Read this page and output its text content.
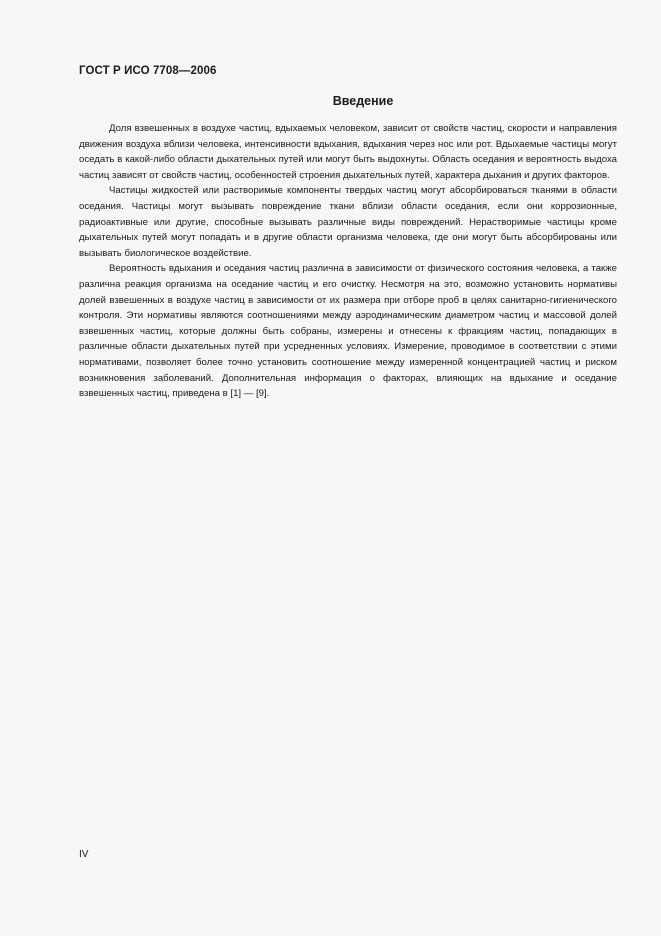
ГОСТ Р ИСО 7708—2006
Введение

Доля взвешенных в воздухе частиц, вдыхаемых человеком, зависит от свойств частиц, скорости и направления движения воздуха вблизи человека, интенсивности вдыхания, вдыхания через нос или рот. Вдыхаемые частицы могут оседать в какой-либо области дыхательных путей или могут быть выдохнуты. Область оседания и вероятность выдоха частиц зависят от свойств частиц, особенностей строения дыхательных путей, характера дыхания и других факторов.

Частицы жидкостей или растворимые компоненты твердых частиц могут абсорбироваться тканями в области оседания. Частицы могут вызывать повреждение ткани вблизи области оседания, если они коррозионные, радиоактивные или другие, способные вызывать различные виды повреждений. Нерастворимые частицы кроме дыхательных путей могут попадать и в другие области организма человека, где они могут быть абсорбированы или вызывать биологическое воздействие.

Вероятность вдыхания и оседания частиц различна в зависимости от физического состояния человека, а также различна реакция организма на оседание частиц и его очистку. Несмотря на это, возможно установить нормативы долей взвешенных в воздухе частиц в зависимости от их размера при отборе проб в целях санитарно-гигиенического контроля. Эти нормативы являются соотношениями между аэродинамическим диаметром частиц и массовой долей взвешенных частиц, которые должны быть собраны, измерены и отнесены к фракциям частиц, попадающих в различные области дыхательных путей при усредненных условиях. Измерение, проводимое в соответствии с этими нормативами, позволяет более точно установить соотношение между измеренной концентрацией частиц и риском возникновения заболеваний. Дополнительная информация о факторах, влияющих на вдыхание и оседание взвешенных частиц, приведена в [1] — [9].

IV
